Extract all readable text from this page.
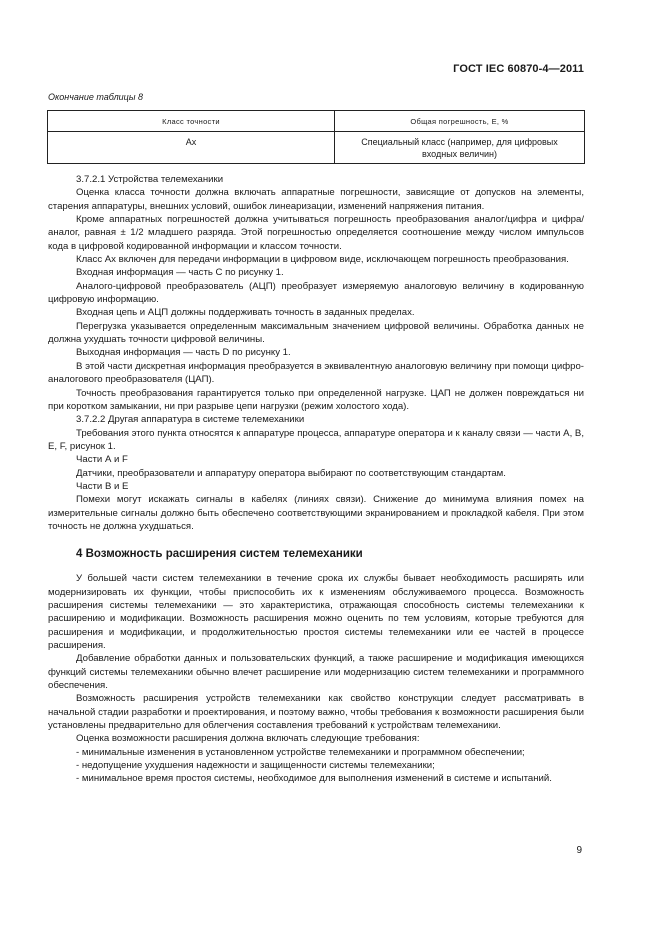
ГОСТ IEC 60870-4—2011
Окончание таблицы 8
Класс точности	Общая погрешность, E, %
Ax	Специальный класс (например, для цифровых входных величин)

3.7.2.1 Устройства телемеханики

Оценка класса точности должна включать аппаратные погрешности, зависящие от допусков на элементы, старения аппаратуры, внешних условий, ошибок линеаризации, изменений напряжения питания.

Кроме аппаратных погрешностей должна учитываться погрешность преобразования аналог/цифра и цифра/аналог, равная ± 1/2 младшего разряда. Этой погрешностью определяется соотношение между числом импульсов кода в цифровой кодированной информации и классом точности.

Класс Ах включен для передачи информации в цифровом виде, исключающем погрешность преобразования.

Входная информация — часть С по рисунку 1.

Аналого-цифровой преобразователь (АЦП) преобразует измеряемую аналоговую величину в кодированную цифровую информацию.

Входная цепь и АЦП должны поддерживать точность в заданных пределах.

Перегрузка указывается определенным максимальным значением цифровой величины. Обработка данных не должна ухудшать точности цифровой величины.

Выходная информация — часть D по рисунку 1.

В этой части дискретная информация преобразуется в эквивалентную аналоговую величину при помощи цифро-аналогового преобразователя (ЦАП).

Точность преобразования гарантируется только при определенной нагрузке. ЦАП не должен повреждаться ни при коротком замыкании, ни при разрыве цепи нагрузки (режим холостого хода).

3.7.2.2 Другая аппаратура в системе телемеханики

Требования этого пункта относятся к аппаратуре процесса, аппаратуре оператора и к каналу связи — части А, В, Е, F, рисунок 1.

Части А и F

Датчики, преобразователи и аппаратуру оператора выбирают по соответствующим стандартам.

Части В и Е

Помехи могут искажать сигналы в кабелях (линиях связи). Снижение до минимума влияния помех на измерительные сигналы должно быть обеспечено соответствующими экранированием и прокладкой кабеля. При этом точность не должна ухудшаться.

4 Возможность расширения систем телемеханики

У большей части систем телемеханики в течение срока их службы бывает необходимость расширять или модернизировать их функции, чтобы приспособить их к изменениям обслуживаемого процесса. Возможность расширения системы телемеханики — это характеристика, отражающая способность системы телемеханики к расширению и модификации. Возможность расширения можно оценить по тем условиям, которые требуются для расширения и модификации, и продолжительностью простоя системы телемеханики или ее частей в процессе расширения.

Добавление обработки данных и пользовательских функций, а также расширение и модификация имеющихся функций системы телемеханики обычно влечет расширение или модернизацию систем телемеханики и программного обеспечения.

Возможность расширения устройств телемеханики как свойство конструкции следует рассматривать в начальной стадии разработки и проектирования, и поэтому важно, чтобы требования к возможности расширения были установлены предварительно для облегчения составления требований к устройствам телемеханики.

Оценка возможности расширения должна включать следующие требования:

- минимальные изменения в установленном устройстве телемеханики и программном обеспечении;

- недопущение ухудшения надежности и защищенности системы телемеханики;

- минимальное время простоя системы, необходимое для выполнения изменений в системе и испытаний.

9
